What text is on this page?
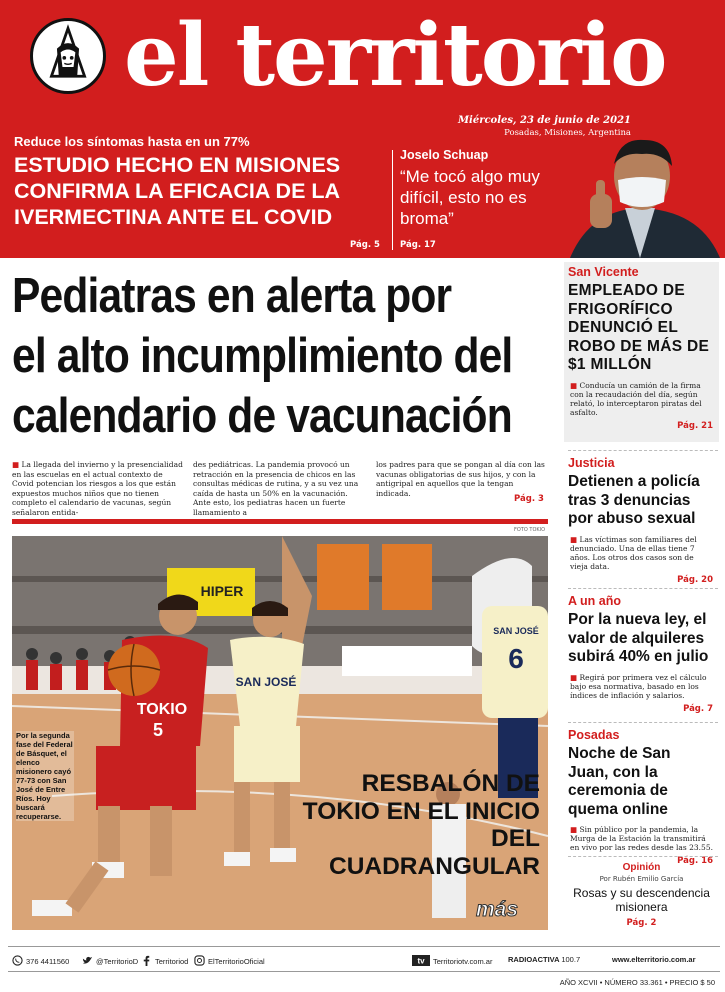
el territorio
Miércoles, 23 de junio de 2021
Posadas, Misiones, Argentina
Reduce los síntomas hasta en un 77%
ESTUDIO HECHO EN MISIONES CONFIRMA LA EFICACIA DE LA IVERMECTINA ANTE EL COVID
Pág. 5
Joselo Schuap
“Me tocó algo muy difícil, esto no es broma”
Pág. 17
Pediatras en alerta por
el alto incumplimiento del
calendario de vacunación
■ La llegada del invierno y la presencialidad en las escuelas en el actual contexto de Covid potencian los riesgos a los que están expuestos muchos niños que no tienen completo el calendario de vacunas, según señalaron entida-
des pediátricas. La pandemia provocó un retracción en la presencia de chicos en las consultas médicas de rutina, y a su vez una caída de hasta un 50% en la vacunación. Ante esto, los pediatras hacen un fuerte llamamiento a
los padres para que se pongan al día con las vacunas obligatorias de sus hijos, y con la antigripal en aquellos que la tengan indicada.
Pág. 3
FOTO TOKIO
HIPER
SAN JOSÉ
6
SAN JOSÉ
TOKIO
5
Por la segunda fase del Federal de Básquet, el elenco misionero cayó 77-73 con San José de Entre Ríos. Hoy buscará recuperarse.
RESBALÓN DE TOKIO EN EL INICIO DEL CUADRANGULAR
más
San Vicente
EMPLEADO DE FRIGORÍFICO DENUNCIÓ EL ROBO DE MÁS DE $1 MILLÓN
■ Conducía un camión de la firma con la recaudación del día, según relató, lo interceptaron piratas del asfalto.
Pág. 21
Justicia
Detienen a policía tras 3 denuncias por abuso sexual
■ Las víctimas son familiares del denunciado. Una de ellas tiene 7 años. Los otros dos casos son de vieja data.
Pág. 20
A un año
Por la nueva ley, el valor de alquileres subirá 40% en julio
■ Regirá por primera vez el cálculo bajo esa normativa, basado en los índices de inflación y salarios.
Pág. 7
Posadas
Noche de San Juan, con la ceremonia de quema online
■ Sin público por la pandemia, la Murga de la Estación la transmitirá en vivo por las redes desde las 23.55.
Pág. 16
Opinión
Por Rubén Emilio García
Rosas y su descendencia misionera
Pág. 2
376 4411560	@TerritorioD	Territoriod	ElTerritorioOficial	tv Territoriotv.com.ar RADIOACTIVA 100.7	www.elterritorio.com.ar
AÑO XCVII • NÚMERO 33.361 • PRECIO $ 50
